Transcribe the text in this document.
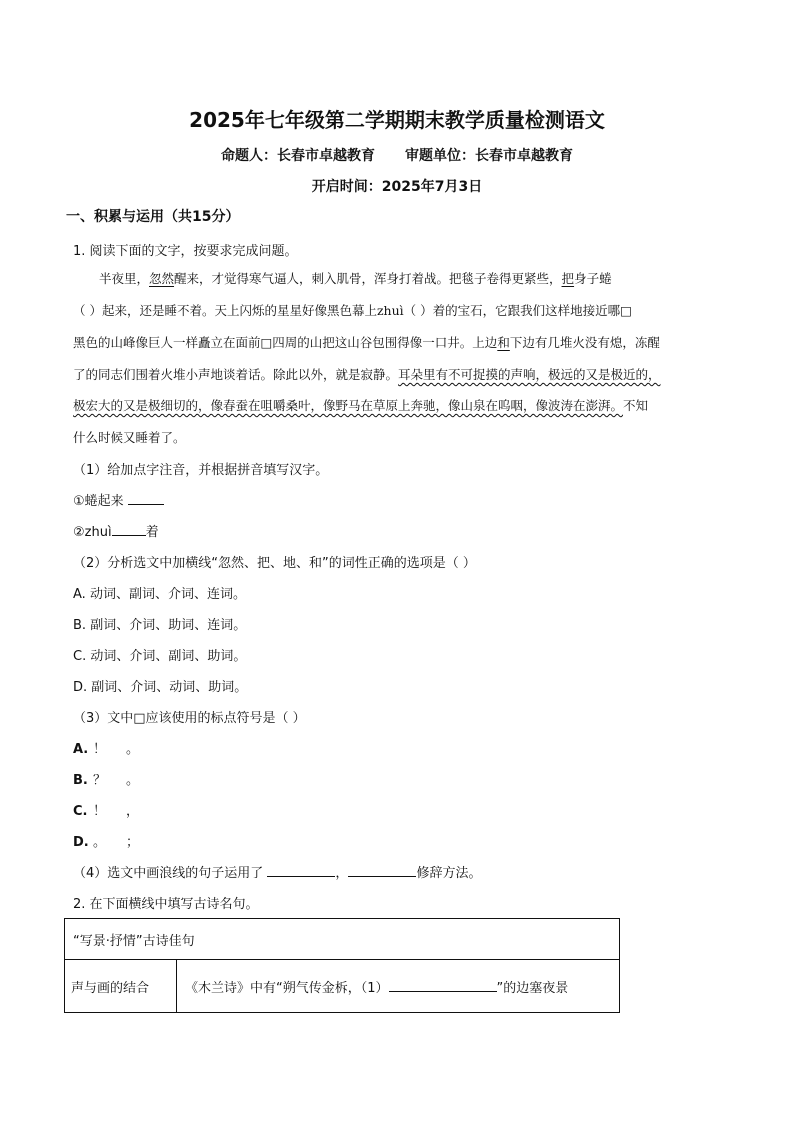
2025年七年级第二学期期末教学质量检测语文
命题人：长春市卓越教育 审题单位：长春市卓越教育
开启时间：2025年7月3日
一、积累与运用（共15分）
1. 阅读下面的文字，按要求完成问题。
半夜里，忽然醒来，才觉得寒气逼人，刺入肌骨，浑身打着战。把毯子卷得更紧些，把身子蜷
（ ）起来，还是睡不着。天上闪烁的星星好像黑色幕上zhuì（ ）着的宝石，它跟我们这样地接近哪□
黑色的山峰像巨人一样矗立在面前□四周的山把这山谷包围得像一口井。上边和下边有几堆火没有熄，冻醒
了的同志们围着火堆小声地谈着话。除此以外，就是寂静。耳朵里有不可捉摸的声响，极远的又是极近的，
极宏大的又是极细切的，像春蚕在咀嚼桑叶，像野马在草原上奔驰，像山泉在呜咽，像波涛在澎湃。不知
什么时候又睡着了。
（1）给加点字注音，并根据拼音填写汉字。
①蜷起来
②zhuì	着
（2）分析选文中加横线“忽然、把、地、和”的词性正确的选项是（ ）
A. 动词、副词、介词、连词。
B. 副词、介词、助词、连词。
C. 动词、介词、副词、助词。
D. 副词、介词、动词、助词。
（3）文中□应该使用的标点符号是（ ）
A. ！ 。
B. ？ 。
C. ！ ，
D. 。 ；
（4）选文中画浪线的句子运用了	，	修辞方法。
2. 在下面横线中填写古诗名句。
“写景·抒情”古诗佳句
声与画的结合	《木兰诗》中有“朔气传金柝，（1）	”的边塞夜景
